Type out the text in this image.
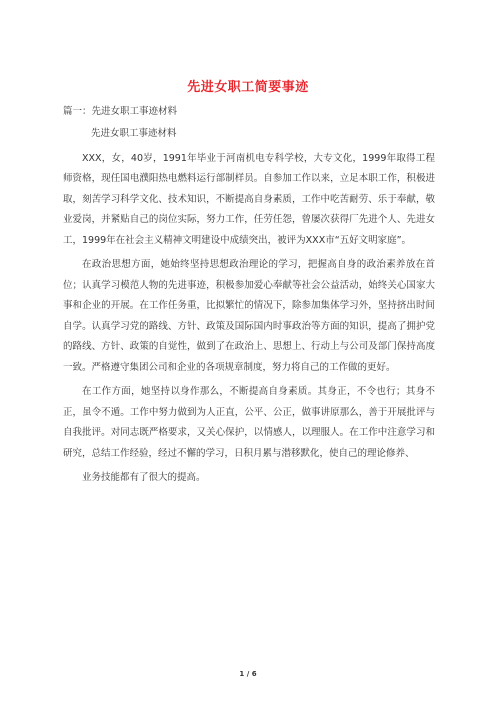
先进女职工简要事迹
篇一：先进女职工事迹材料

先进女职工事迹材料

XXX，女，40岁，1991年毕业于河南机电专科学校，大专文化，1999年取得工程师资格，现任国电濮阳热电燃料运行部制样员。自参加工作以来，立足本职工作，积极进取，刻苦学习科学文化、技术知识，不断提高自身素质，工作中吃苦耐劳、乐于奉献，敬业爱岗，并紧贴自己的岗位实际，努力工作，任劳任怨，曾屡次获得厂先进个人、先进女工，1999年在社会主义精神文明建设中成绩突出，被评为XXX市“五好文明家庭”。

在政治思想方面，她始终坚持思想政治理论的学习，把握高自身的政治素养放在首位；认真学习模范人物的先进事迹，积极参加爱心奉献等社会公益活动，始终关心国家大事和企业的开展。在工作任务重，比拟繁忙的情况下，除参加集体学习外，坚持挤出时间自学。认真学习党的路线、方针、政策及国际国内时事政治等方面的知识，提高了拥护党的路线、方针、政策的自觉性，做到了在政治上、思想上、行动上与公司及部门保持高度一致。严格遵守集团公司和企业的各项规章制度，努力将自己的工作做的更好。

在工作方面，她坚持以身作那么，不断提高自身素质。其身正，不令也行；其身不正，虽令不遁。工作中努力做到为人正直，公平、公正，做事讲原那么，善于开展批评与自我批评。对同志既严格要求，又关心保护，以情感人，以理服人。在工作中注意学习和研究，总结工作经验，经过不懈的学习，日积月累与潜移默化，使自己的理论修养、

业务技能都有了很大的提高。

1 / 6
